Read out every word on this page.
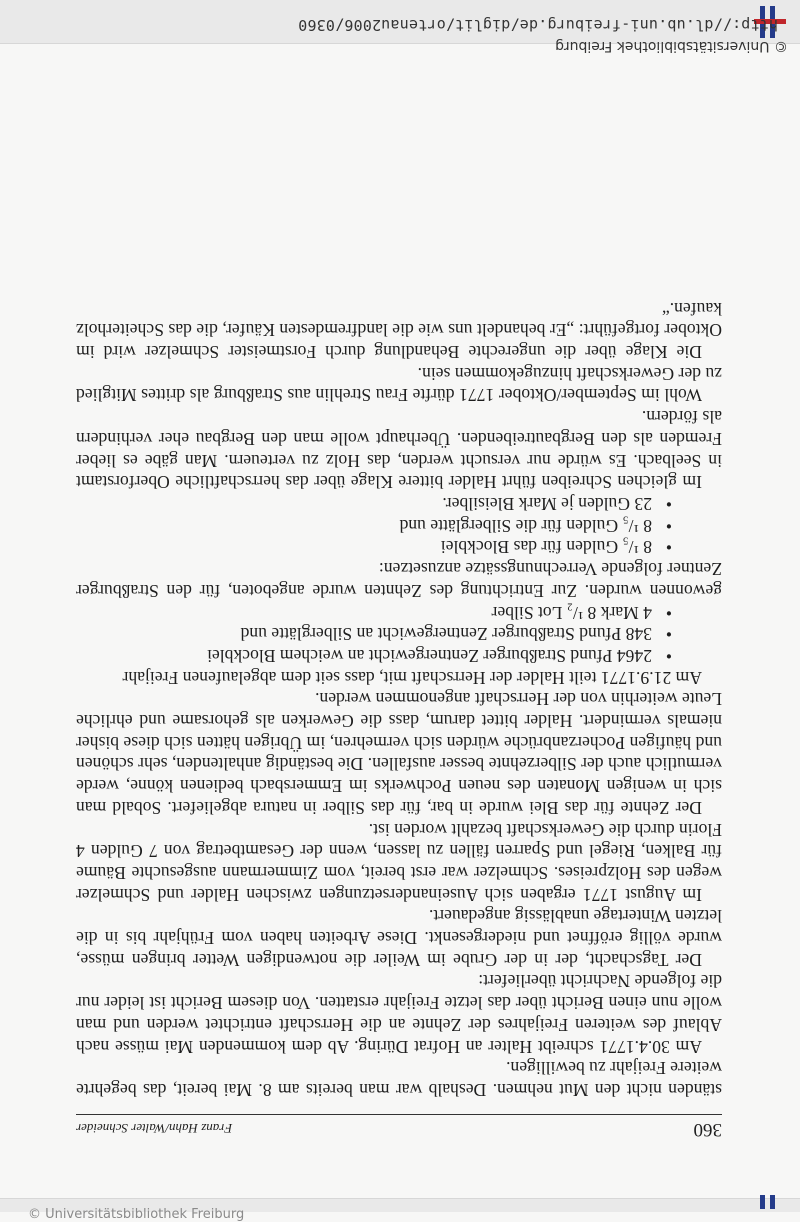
© Universitätsbibliothek Freiburg
http://dl.ub.uni-freiburg.de/diglit/ortenau2006/0360
360
Franz Hahn/Walter Schneider

ständen nicht den Mut nehmen. Deshalb war man bereits am 8. Mai bereit, das begehrte weitere Freijahr zu bewilligen.

Am 30.4.1771 schreibt Halter an Hofrat Düring. Ab dem kommenden Mai müsse nach Ablauf des weiteren Freijahres der Zehnte an die Herrschaft entrichtet werden und man wolle nun einen Bericht über das letzte Freijahr erstatten. Von diesem Bericht ist leider nur die folgende Nachricht überliefert:

Der Tagschacht, der in der Grube im Weiler die notwendigen Wetter bringen müsse, wurde völlig eröffnet und niedergesenkt. Diese Arbeiten haben vom Frühjahr bis in die letzten Wintertage unablässig angedauert.

Im August 1771 ergaben sich Auseinandersetzungen zwischen Halder und Schmelzer wegen des Holzpreises. Schmelzer war erst bereit, vom Zimmermann ausgesuchte Bäume für Balken, Riegel und Sparren fällen zu lassen, wenn der Gesamtbetrag von 7 Gulden 4 Florin durch die Gewerkschaft bezahlt worden ist.

Der Zehnte für das Blei wurde in bar, für das Silber in natura abgeliefert. Sobald man sich in wenigen Monaten des neuen Pochwerks im Emmersbach bedienen könne, werde vermutlich auch der Silberzehnte besser ausfallen. Die beständig anhaltenden, sehr schönen und häufigen Pocherzanbrüche würden sich vermehren, im Übrigen hätten sich diese bisher niemals vermindert. Halder bittet darum, dass die Gewerken als gehorsame und ehrliche Leute weiterhin von der Herrschaft angenommen werden.

Am 21.9.1771 teilt Halder der Herrschaft mit, dass seit dem abgelaufenen Freijahr

• 2464 Pfund Straßburger Zentnergewicht an weichem Blockblei
• 348 Pfund Straßburger Zentnergewicht an Silberglätte und
• 4 Mark 8 ¹/₂ Lot Silber

gewonnen wurden. Zur Entrichtung des Zehnten wurde angeboten, für den Straßburger Zentner folgende Verrechnungssätze anzusetzen:

• 8 ¹/₅ Gulden für das Blockblei
• 8 ¹/₅ Gulden für die Silberglätte und
• 23 Gulden je Mark Bleisilber.

Im gleichen Schreiben führt Halder bittere Klage über das herrschaftliche Oberforstamt in Seelbach. Es würde nur versucht werden, das Holz zu verteuern. Man gäbe es lieber Fremden als den Bergbautreibenden. Überhaupt wolle man den Bergbau eher verhindern als fördern.

Wohl im September/Oktober 1771 dürfte Frau Strehlin aus Straßburg als drittes Mitglied zu der Gewerkschaft hinzugekommen sein.

Die Klage über die ungerechte Behandlung durch Forstmeister Schmelzer wird im Oktober fortgeführt: „Er behandelt uns wie die landfremdesten Käufer, die das Scheiterholz kaufen.“

© Universitätsbibliothek Freiburg
